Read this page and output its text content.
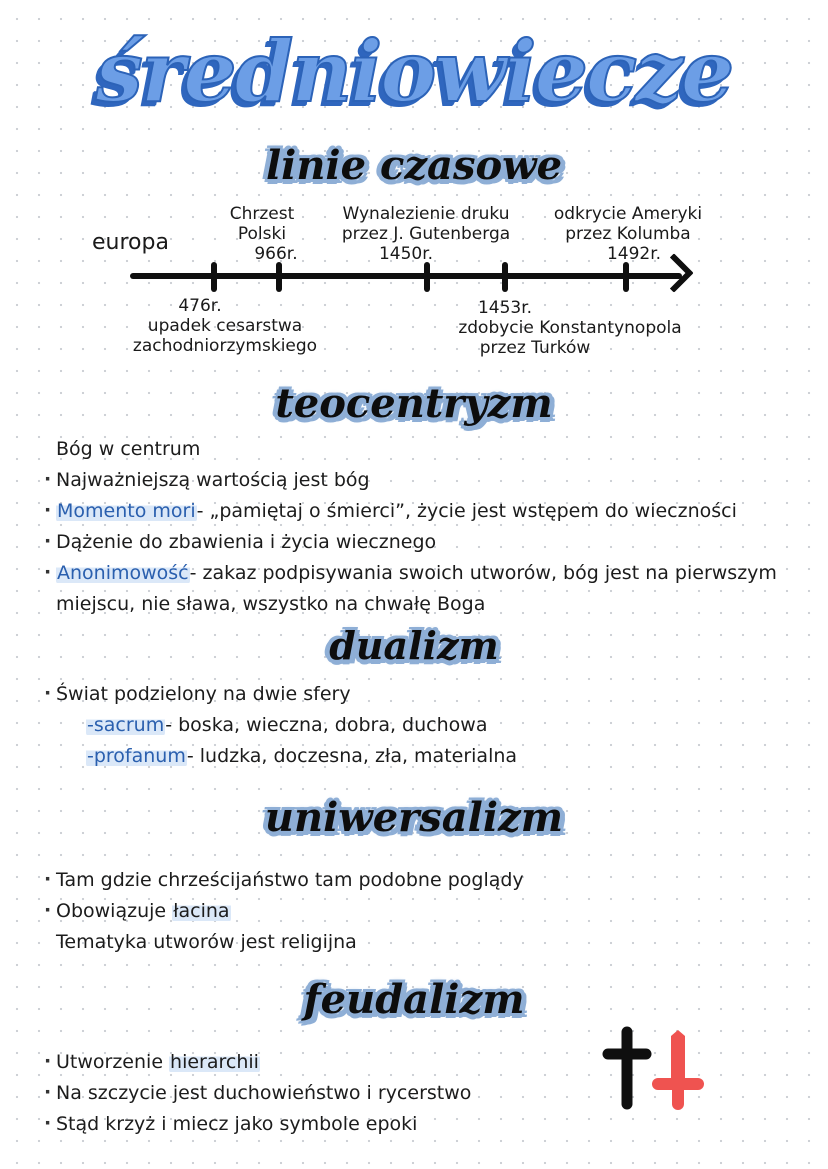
średniowiecze
linie czasowe
europa
Chrzest
Polski
966r.
Wynalezienie druku
przez J. Gutenberga
1450r.
odkrycie Ameryki
przez Kolumba
1492r.
476r.
upadek cesarstwa
zachodniorzymskiego
1453r.
zdobycie Konstantynopola
przez Turków
teocentryzm
Bóg w centrum
· Najważniejszą wartością jest bóg
· Momento mori- „pamiętaj o śmierci”, życie jest wstępem do wieczności
· Dążenie do zbawienia i życia wiecznego
· Anonimowość- zakaz podpisywania swoich utworów, bóg jest na pierwszym
miejscu, nie sława, wszystko na chwałę Boga
dualizm
· Świat podzielony na dwie sfery
-sacrum- boska, wieczna, dobra, duchowa
-profanum- ludzka, doczesna, zła, materialna
uniwersalizm
· Tam gdzie chrześcijaństwo tam podobne poglądy
· Obowiązuje łacina
Tematyka utworów jest religijna
feudalizm
· Utworzenie hierarchii
· Na szczycie jest duchowieństwo i rycerstwo
· Stąd krzyż i miecz jako symbole epoki
